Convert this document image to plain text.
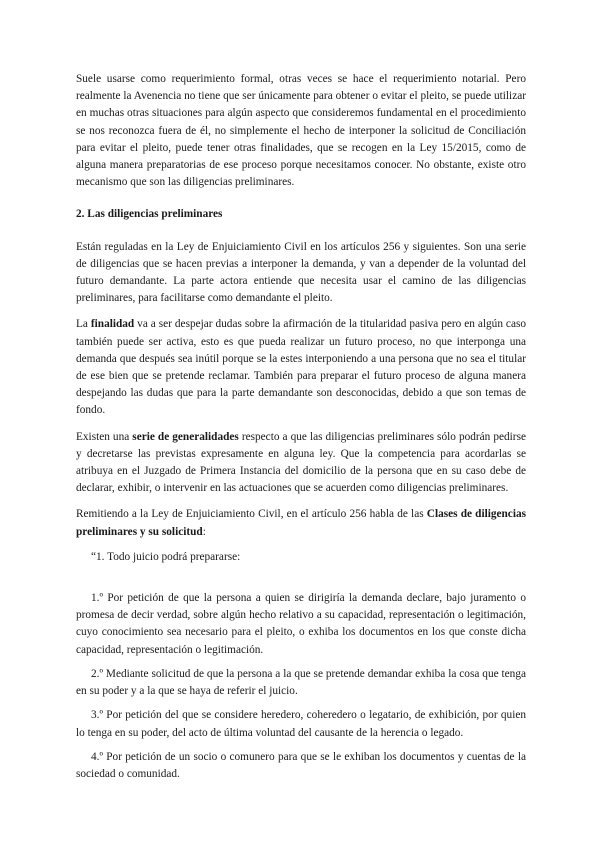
Suele usarse como requerimiento formal, otras veces se hace el requerimiento notarial. Pero realmente la Avenencia no tiene que ser únicamente para obtener o evitar el pleito, se puede utilizar en muchas otras situaciones para algún aspecto que consideremos fundamental en el procedimiento se nos reconozca fuera de él, no simplemente el hecho de interponer la solicitud de Conciliación para evitar el pleito, puede tener otras finalidades, que se recogen en la Ley 15/2015, como de alguna manera preparatorias de ese proceso porque necesitamos conocer. No obstante, existe otro mecanismo que son las diligencias preliminares.

2. Las diligencias preliminares

Están reguladas en la Ley de Enjuiciamiento Civil en los artículos 256 y siguientes. Son una serie de diligencias que se hacen previas a interponer la demanda, y van a depender de la voluntad del futuro demandante. La parte actora entiende que necesita usar el camino de las diligencias preliminares, para facilitarse como demandante el pleito.

La finalidad va a ser despejar dudas sobre la afirmación de la titularidad pasiva pero en algún caso también puede ser activa, esto es que pueda realizar un futuro proceso, no que interponga una demanda que después sea inútil porque se la estes interponiendo a una persona que no sea el titular de ese bien que se pretende reclamar. También para preparar el futuro proceso de alguna manera despejando las dudas que para la parte demandante son desconocidas, debido a que son temas de fondo.

Existen una serie de generalidades respecto a que las diligencias preliminares sólo podrán pedirse y decretarse las previstas expresamente en alguna ley. Que la competencia para acordarlas se atribuya en el Juzgado de Primera Instancia del domicilio de la persona que en su caso debe de declarar, exhibir, o intervenir en las actuaciones que se acuerden como diligencias preliminares.

Remitiendo a la Ley de Enjuiciamiento Civil, en el artículo 256 habla de las Clases de diligencias preliminares y su solicitud:

“1. Todo juicio podrá prepararse:

1.º Por petición de que la persona a quien se dirigiría la demanda declare, bajo juramento o promesa de decir verdad, sobre algún hecho relativo a su capacidad, representación o legitimación, cuyo conocimiento sea necesario para el pleito, o exhiba los documentos en los que conste dicha capacidad, representación o legitimación.

2.º Mediante solicitud de que la persona a la que se pretende demandar exhiba la cosa que tenga en su poder y a la que se haya de referir el juicio.

3.º Por petición del que se considere heredero, coheredero o legatario, de exhibición, por quien lo tenga en su poder, del acto de última voluntad del causante de la herencia o legado.

4.º Por petición de un socio o comunero para que se le exhiban los documentos y cuentas de la sociedad o comunidad.
